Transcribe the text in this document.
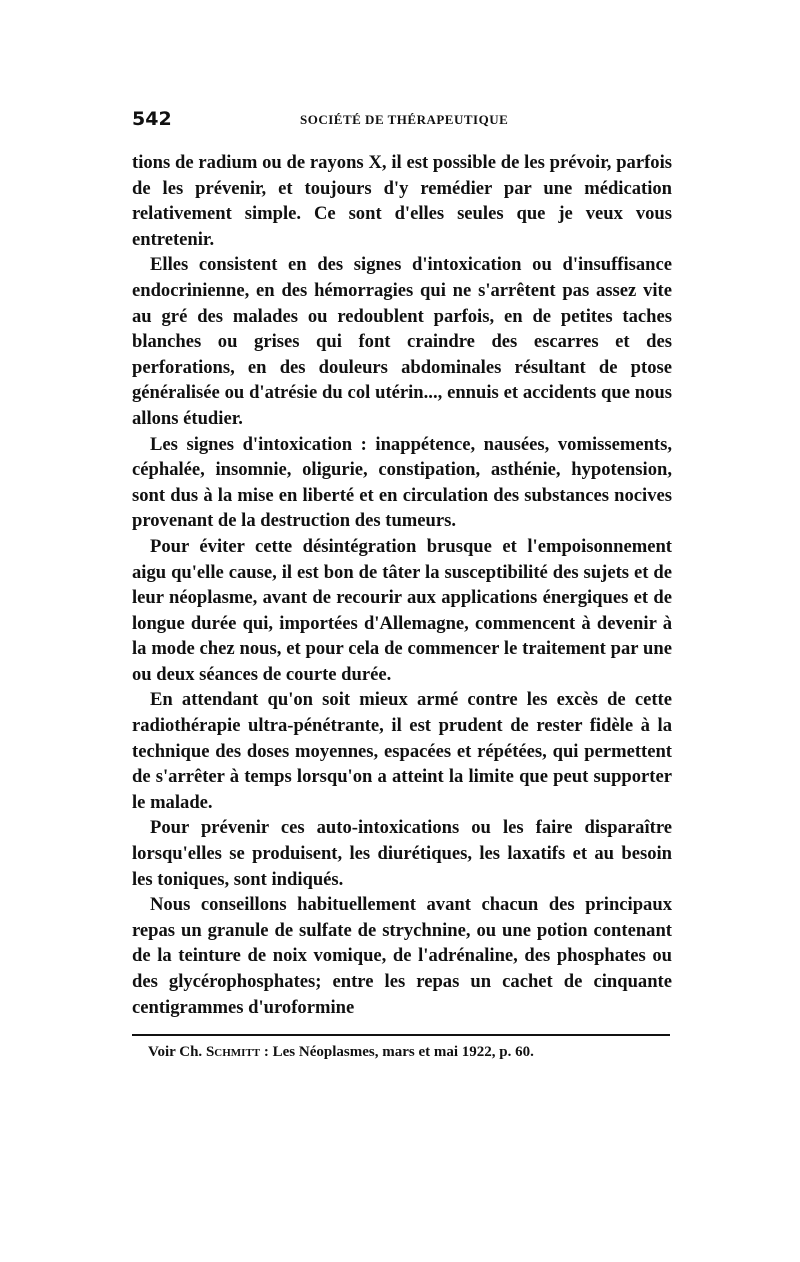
542	SOCIÉTÉ DE THÉRAPEUTIQUE

tions de radium ou de rayons X, il est possible de les prévoir, parfois de les prévenir, et toujours d'y remédier par une médication relativement simple. Ce sont d'elles seules que je veux vous entretenir.

Elles consistent en des signes d'intoxication ou d'insuffisance endocrinienne, en des hémorragies qui ne s'arrêtent pas assez vite au gré des malades ou redoublent parfois, en de petites taches blanches ou grises qui font craindre des escarres et des perforations, en des douleurs abdominales résultant de ptose généralisée ou d'atrésie du col utérin..., ennuis et accidents que nous allons étudier.

Les signes d'intoxication : inappétence, nausées, vomissements, céphalée, insomnie, oligurie, constipation, asthénie, hypotension, sont dus à la mise en liberté et en circulation des substances nocives provenant de la destruction des tumeurs.

Pour éviter cette désintégration brusque et l'empoisonnement aigu qu'elle cause, il est bon de tâter la susceptibilité des sujets et de leur néoplasme, avant de recourir aux applications énergiques et de longue durée qui, importées d'Allemagne, commencent à devenir à la mode chez nous, et pour cela de commencer le traitement par une ou deux séances de courte durée.

En attendant qu'on soit mieux armé contre les excès de cette radiothérapie ultra-pénétrante, il est prudent de rester fidèle à la technique des doses moyennes, espacées et répétées, qui permettent de s'arrêter à temps lorsqu'on a atteint la limite que peut supporter le malade.

Pour prévenir ces auto-intoxications ou les faire disparaître lorsqu'elles se produisent, les diurétiques, les laxatifs et au besoin les toniques, sont indiqués.

Nous conseillons habituellement avant chacun des principaux repas un granule de sulfate de strychnine, ou une potion contenant de la teinture de noix vomique, de l'adrénaline, des phosphates ou des glycérophosphates; entre les repas un cachet de cinquante centigrammes d'uroformine

Voir Ch. Schmitt : Les Néoplasmes, mars et mai 1922, p. 60.
